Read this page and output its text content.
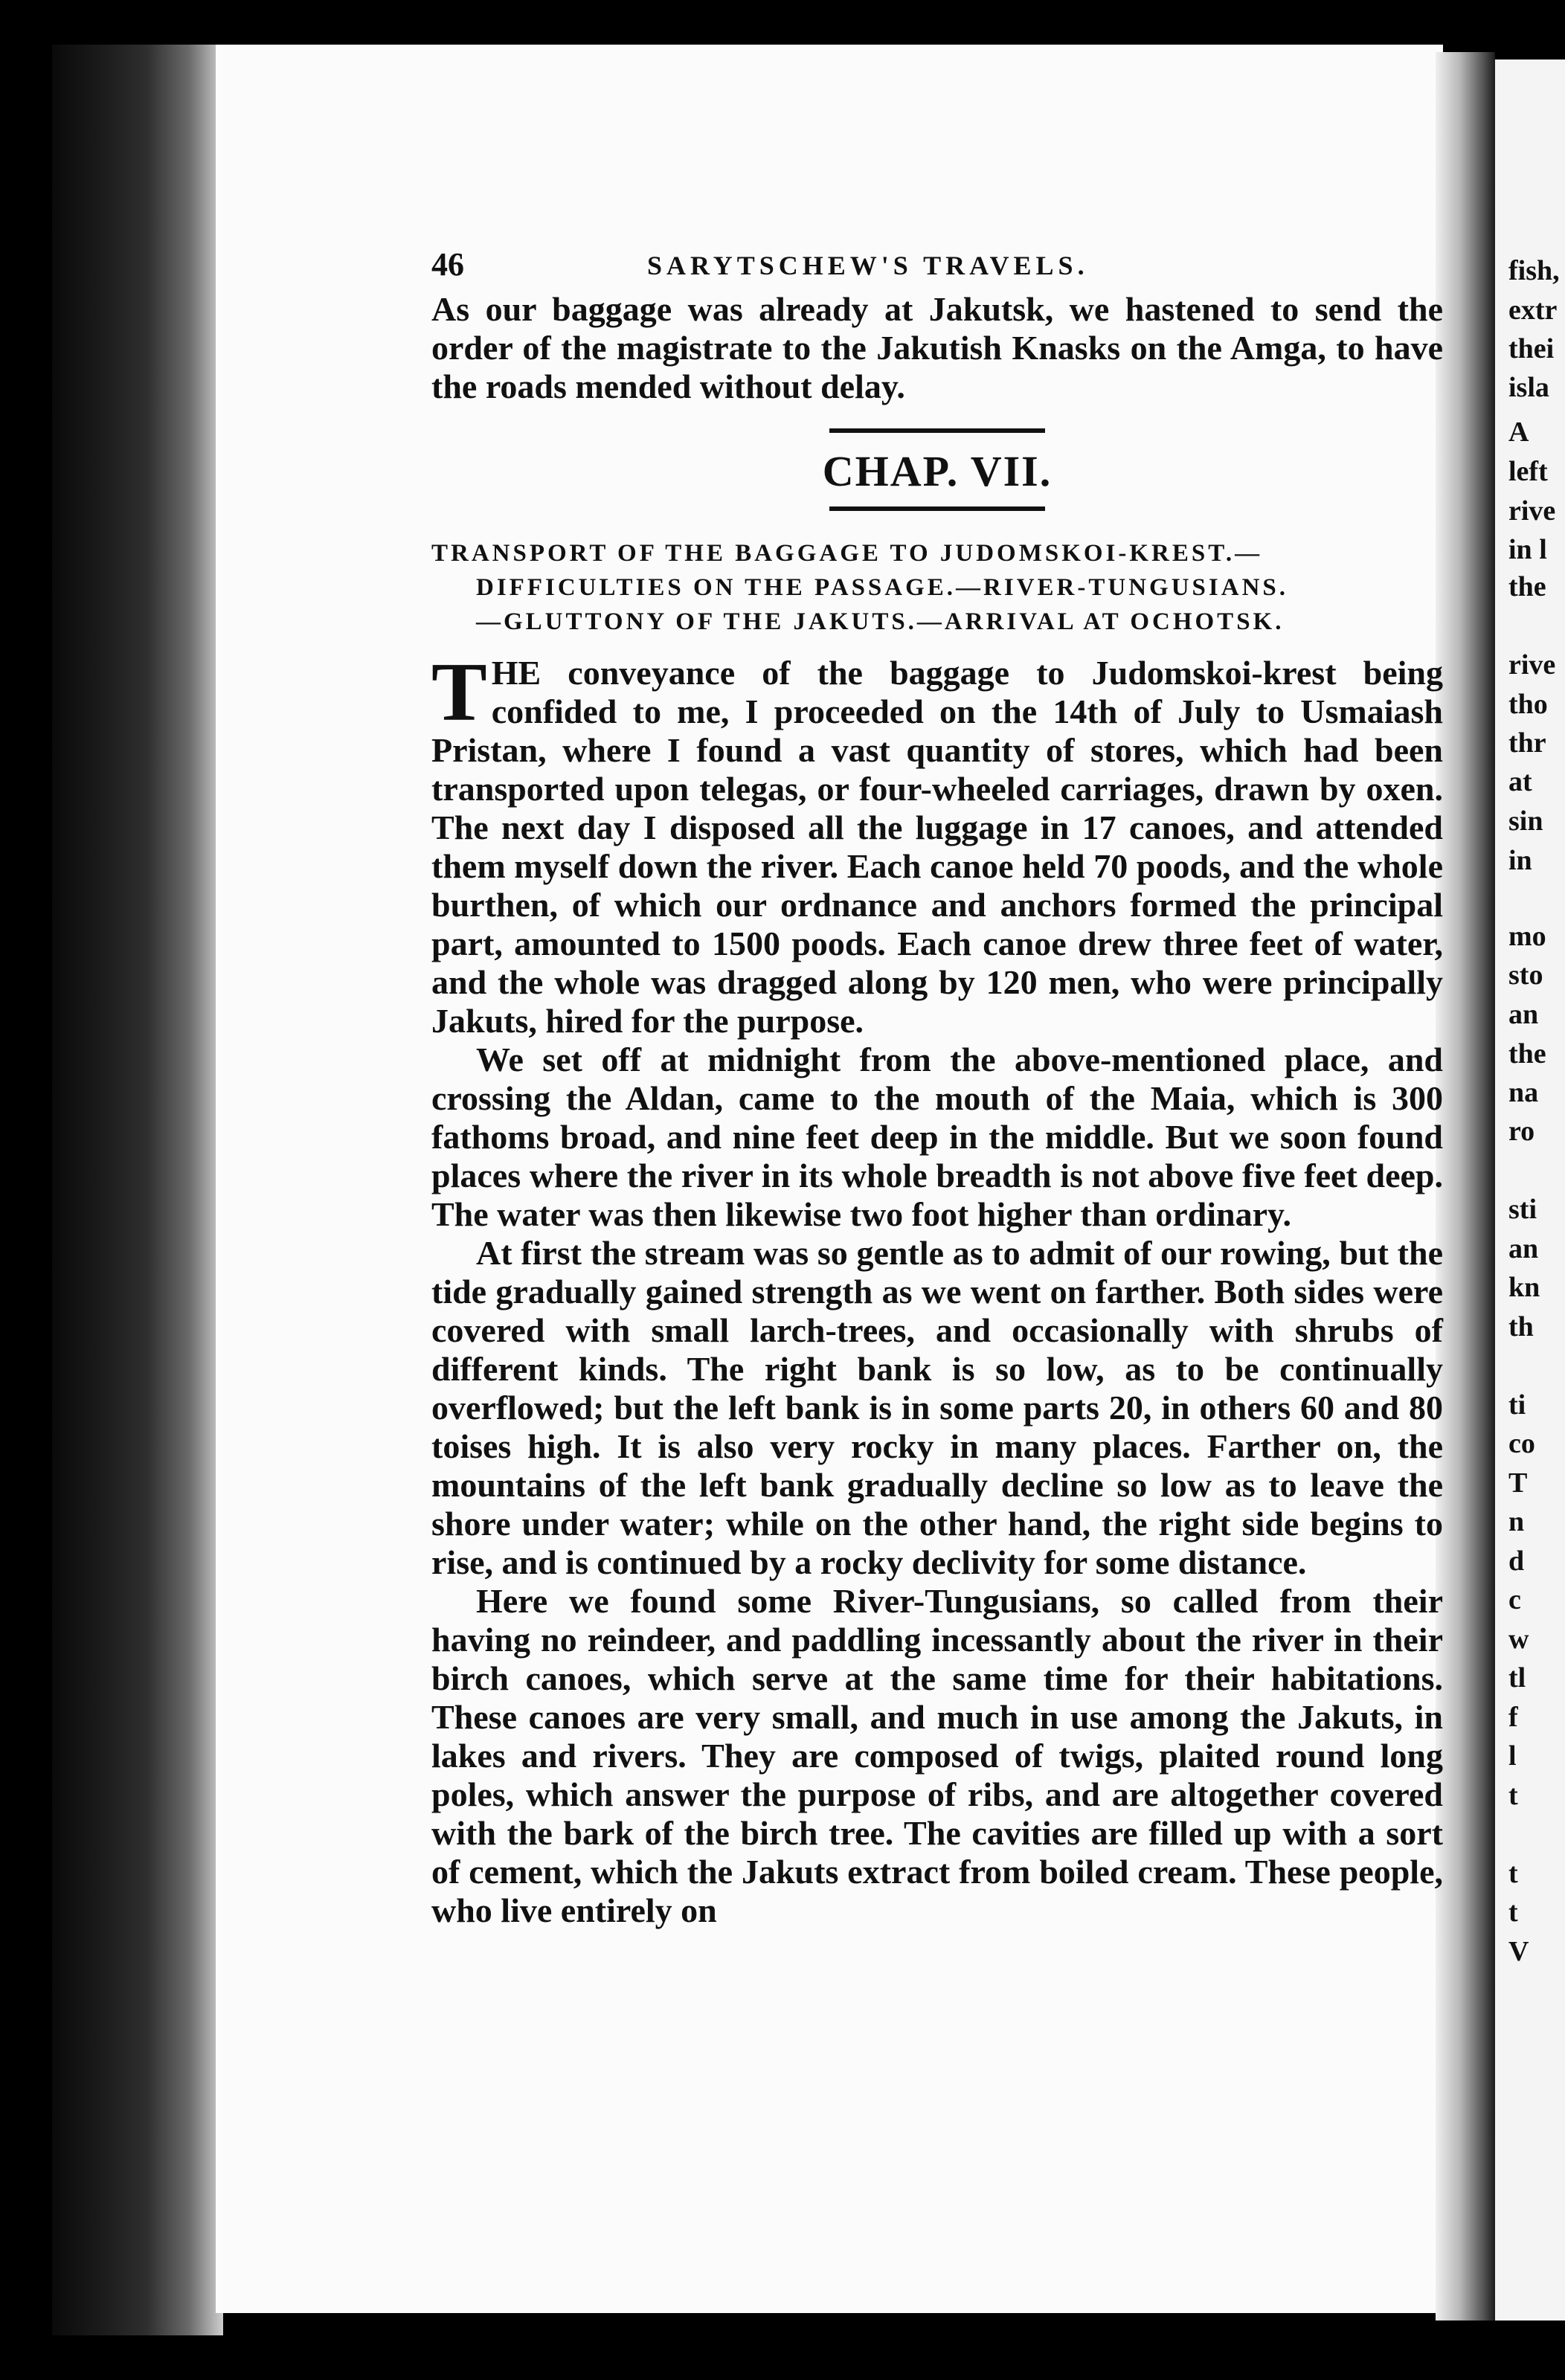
fish,
extr
thei
isla
A
left
rive
in l
the
rive
tho
thr
at
sin
in
mo
sto
an
the
na
ro
sti
an
kn
th
ti
co
T
n
d
c
w
tl
f
l
t
t
t
V
46	SARYTSCHEW'S TRAVELS.

As our baggage was already at Jakutsk, we hastened to send the order of the magistrate to the Jakutish Knasks on the Amga, to have the roads mended without delay.

CHAP. VII.
TRANSPORT OF THE BAGGAGE TO JUDOMSKOI-KREST.—
DIFFICULTIES ON THE PASSAGE.—RIVER-TUNGUSIANS.
—GLUTTONY OF THE JAKUTS.—ARRIVAL AT OCHOTSK.

THE conveyance of the baggage to Judomskoi-krest being confided to me, I proceeded on the 14th of July to Usmaiash Pristan, where I found a vast quantity of stores, which had been transported upon telegas, or four-wheeled carriages, drawn by oxen. The next day I disposed all the luggage in 17 canoes, and attended them myself down the river. Each canoe held 70 poods, and the whole burthen, of which our ordnance and anchors formed the principal part, amounted to 1500 poods. Each canoe drew three feet of water, and the whole was dragged along by 120 men, who were principally Jakuts, hired for the purpose.

We set off at midnight from the above-mentioned place, and crossing the Aldan, came to the mouth of the Maia, which is 300 fathoms broad, and nine feet deep in the middle. But we soon found places where the river in its whole breadth is not above five feet deep. The water was then likewise two foot higher than ordinary.

At first the stream was so gentle as to admit of our rowing, but the tide gradually gained strength as we went on farther. Both sides were covered with small larch-trees, and occasionally with shrubs of different kinds. The right bank is so low, as to be continually overflowed; but the left bank is in some parts 20, in others 60 and 80 toises high. It is also very rocky in many places. Farther on, the mountains of the left bank gradually decline so low as to leave the shore under water; while on the other hand, the right side begins to rise, and is continued by a rocky declivity for some distance.

Here we found some River-Tungusians, so called from their having no reindeer, and paddling incessantly about the river in their birch canoes, which serve at the same time for their habitations. These canoes are very small, and much in use among the Jakuts, in lakes and rivers. They are composed of twigs, plaited round long poles, which answer the purpose of ribs, and are altogether covered with the bark of the birch tree. The cavities are filled up with a sort of cement, which the Jakuts extract from boiled cream. These people, who live entirely on
